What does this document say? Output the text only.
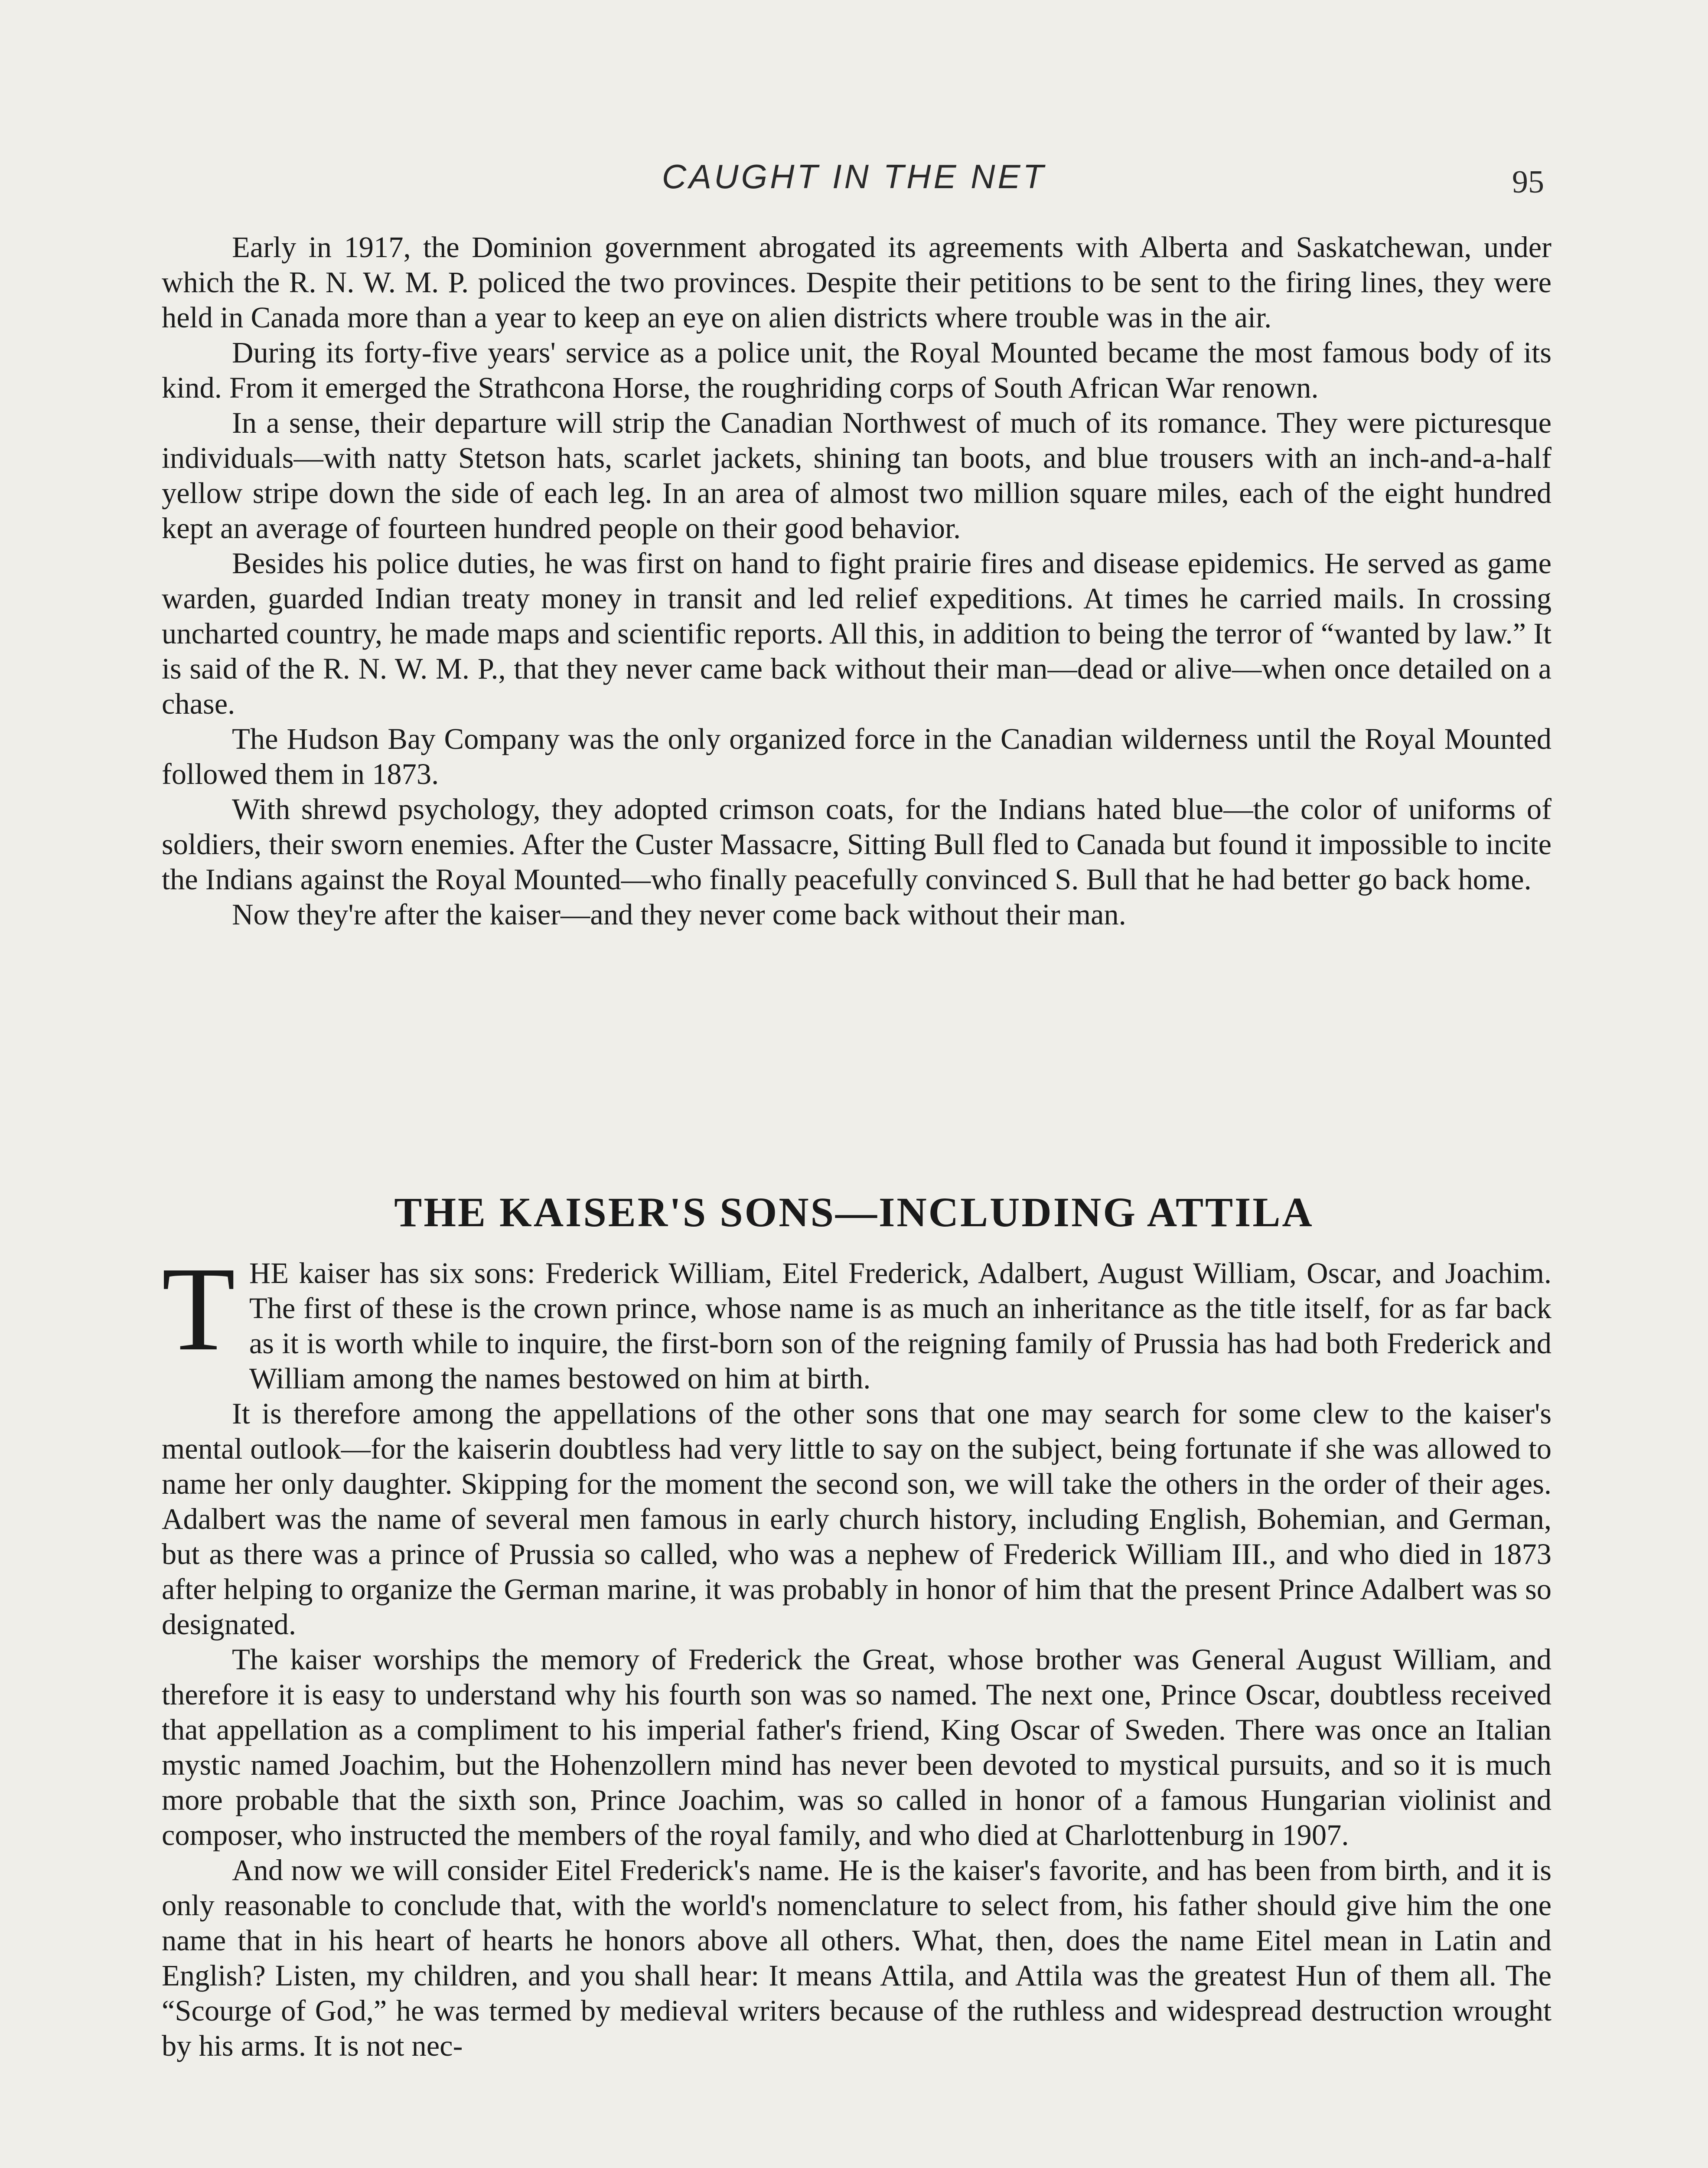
CAUGHT IN THE NET	95

Early in 1917, the Dominion government abrogated its agreements with Alberta and Saskatchewan, under which the R. N. W. M. P. policed the two provinces. Despite their petitions to be sent to the firing lines, they were held in Canada more than a year to keep an eye on alien districts where trouble was in the air.

During its forty-five years' service as a police unit, the Royal Mounted became the most famous body of its kind. From it emerged the Strathcona Horse, the roughriding corps of South African War renown.

In a sense, their departure will strip the Canadian Northwest of much of its romance. They were picturesque individuals—with natty Stetson hats, scarlet jackets, shining tan boots, and blue trousers with an inch-and-a-half yellow stripe down the side of each leg. In an area of almost two million square miles, each of the eight hundred kept an average of fourteen hundred people on their good behavior.

Besides his police duties, he was first on hand to fight prairie fires and disease epidemics. He served as game warden, guarded Indian treaty money in transit and led relief expeditions. At times he carried mails. In crossing uncharted country, he made maps and scientific reports. All this, in addition to being the terror of “wanted by law.” It is said of the R. N. W. M. P., that they never came back without their man—dead or alive—when once detailed on a chase.

The Hudson Bay Company was the only organized force in the Canadian wilderness until the Royal Mounted followed them in 1873.

With shrewd psychology, they adopted crimson coats, for the Indians hated blue—the color of uniforms of soldiers, their sworn enemies. After the Custer Massacre, Sitting Bull fled to Canada but found it impossible to incite the Indians against the Royal Mounted—who finally peacefully convinced S. Bull that he had better go back home.

Now they're after the kaiser—and they never come back without their man.

THE KAISER'S SONS—INCLUDING ATTILA
T HE kaiser has six sons: Frederick William, Eitel Frederick, Adalbert, August William, Oscar, and Joachim. The first of these is the crown prince, whose name is as much an inheritance as the title itself, for as far back as it is worth while to inquire, the first-born son of the reigning family of Prussia has had both Frederick and William among the names bestowed on him at birth.

It is therefore among the appellations of the other sons that one may search for some clew to the kaiser's mental outlook—for the kaiserin doubtless had very little to say on the subject, being fortunate if she was allowed to name her only daughter. Skipping for the moment the second son, we will take the others in the order of their ages. Adalbert was the name of several men famous in early church history, including English, Bohemian, and German, but as there was a prince of Prussia so called, who was a nephew of Frederick William III., and who died in 1873 after helping to organize the German marine, it was probably in honor of him that the present Prince Adalbert was so designated.

The kaiser worships the memory of Frederick the Great, whose brother was General August William, and therefore it is easy to understand why his fourth son was so named. The next one, Prince Oscar, doubtless received that appellation as a compliment to his imperial father's friend, King Oscar of Sweden. There was once an Italian mystic named Joachim, but the Hohenzollern mind has never been devoted to mystical pursuits, and so it is much more probable that the sixth son, Prince Joachim, was so called in honor of a famous Hungarian violinist and composer, who instructed the members of the royal family, and who died at Charlottenburg in 1907.

And now we will consider Eitel Frederick's name. He is the kaiser's favorite, and has been from birth, and it is only reasonable to conclude that, with the world's nomenclature to select from, his father should give him the one name that in his heart of hearts he honors above all others. What, then, does the name Eitel mean in Latin and English? Listen, my children, and you shall hear: It means Attila, and Attila was the greatest Hun of them all. The “Scourge of God,” he was termed by medieval writers because of the ruthless and widespread destruction wrought by his arms. It is not nec-
